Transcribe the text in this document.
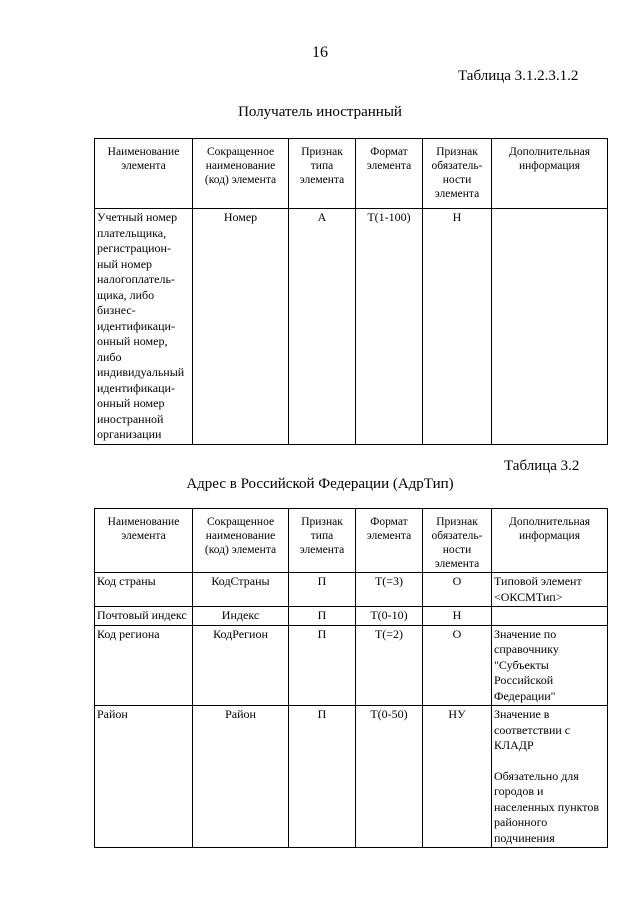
16
Таблица 3.1.2.3.1.2
Получатель иностранный
Наименование элемента	Сокращенное наименование (код) элемента	Признак типа элемента	Формат элемента	Признак обязатель-ности элемента	Дополнительная информация
Учетный номер плательщика, регистрацион-ный номер налогоплатель-щика, либо бизнес-идентификаци-онный номер, либо индивидуальный идентификаци-онный номер иностранной организации	Номер	А	Т(1-100)	Н	
Таблица 3.2
Адрес в Российской Федерации (АдрТип)
Наименование элемента	Сокращенное наименование (код) элемента	Признак типа элемента	Формат элемента	Признак обязатель-ности элемента	Дополнительная информация
Код страны	КодСтраны	П	Т(=3)	О	Типовой элемент <ОКСМТип>
Почтовый индекс	Индекс	П	Т(0-10)	Н	
Код региона	КодРегион	П	Т(=2)	О	Значение по справочнику "Субъекты Российской Федерации"
Район	Район	П	Т(0-50)	НУ	Значение в соответствии с КЛАДР
Обязательно для городов и населенных пунктов районного подчинения
